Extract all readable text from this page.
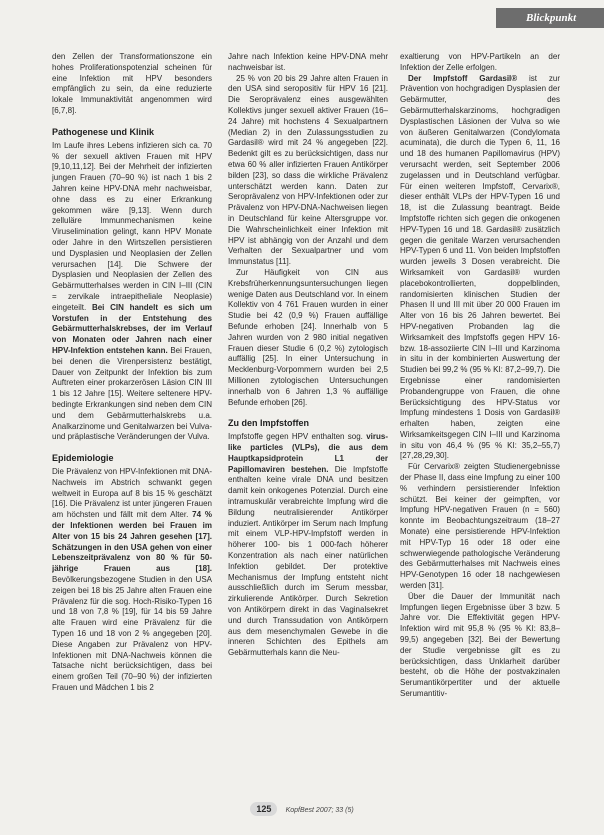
Blickpunkt

den Zellen der Transformationszone ein hohes Proliferationspotenzial scheinen für eine Infektion mit HPV besonders empfänglich zu sein, da eine reduzierte lokale Immunaktivität angenommen wird [6,7,8].

Pathogenese und Klinik

Im Laufe ihres Lebens infizieren sich ca. 70 % der sexuell aktiven Frauen mit HPV [9,10,11,12]. Bei der Mehrheit der infizierten jungen Frauen (70–90 %) ist nach 1 bis 2 Jahren keine HPV-DNA mehr nachweisbar, ohne dass es zu einer Erkrankung gekommen wäre [9,13]. Wenn durch zelluläre Immunmechanismen keine Viruselimination gelingt, kann HPV Monate oder Jahre in den Wirtszellen persistieren und Dysplasien und Neoplasien der Zellen verursachen [14]. Die Schwere der Dysplasien und Neoplasien der Zellen des Gebärmutterhalses werden in CIN I–III (CIN = zervikale intraepitheliale Neoplasie) eingeteilt. Bei CIN handelt es sich um Vorstufen in der Entstehung des Gebärmutterhalskrebses, der im Verlauf von Monaten oder Jahren nach einer HPV-Infektion entstehen kann. Bei Frauen, bei denen die Virenpersistenz bestätigt, Dauer von Zeitpunkt der Infektion bis zum Auftreten einer prokarzerösen Läsion CIN III 1 bis 12 Jahre [15]. Weitere seltenere HPV-bedingte Erkrankungen sind neben dem CIN und dem Gebärmutterhalskrebs u.a. Analkarzinome und Genitalwarzen bei Vulva- und präplastische Veränderungen der Vulva.

Epidemiologie

Die Prävalenz von HPV-Infektionen mit DNA-Nachweis im Abstrich schwankt gegen weltweit in Europa auf 8 bis 15 % geschätzt [16]. Die Prävalenz ist unter jüngeren Frauen am höchsten und fällt mit dem Alter. 74 % der Infektionen werden bei Frauen im Alter von 15 bis 24 Jahren gesehen [17]. Schätzungen in den USA gehen von einer Lebenszeitprävalenz von 80 % für 50-jährige Frauen aus [18]. Bevölkerungsbezogene Studien in den USA zeigen bei 18 bis 25 Jahre alten Frauen eine Prävalenz für die sog. Hoch-Risiko-Typen 16 und 18 von 7,8 % [19], für 14 bis 59 Jahre alte Frauen wird eine Prävalenz für die Typen 16 und 18 von 2 % angegeben [20]. Diese Angaben zur Prävalenz von HPV-Infektionen mit DNA-Nachweis können die Tatsache nicht berücksichtigen, dass bei einem großen Teil (70–90 %) der infizierten Frauen und Mädchen 1 bis 2

Jahre nach Infektion keine HPV-DNA mehr nachweisbar ist.

25 % von 20 bis 29 Jahre alten Frauen in den USA sind seropositiv für HPV 16 [21]. Die Seroprävalenz eines ausgewählten Kollektivs junger sexuell aktiver Frauen (16–24 Jahre) mit hochstens 4 Sexualpartnern (Median 2) in den Zulassungsstudien zu Gardasil® wird mit 24 % angegeben [22]. Bedenkt gilt es zu berücksichtigen, dass nur etwa 60 % aller infizierten Frauen Antikörper bilden [23], so dass die wirkliche Prävalenz unterschätzt werden kann. Daten zur Seroprävalenz von HPV-Infektionen oder zur Prävalenz von HPV-DNA-Nachweisen liegen in Deutschland für keine Altersgruppe vor. Die Wahrscheinlichkeit einer Infektion mit HPV ist abhängig von der Anzahl und dem Verhalten der Sexualpartner und vom Immunstatus [11].

Zur Häufigkeit von CIN aus Krebsfrüherkennungsuntersuchungen liegen wenige Daten aus Deutschland vor. In einem Kollektiv von 4 761 Frauen wurden in einer Studie bei 42 (0,9 %) Frauen auffällige Befunde erhoben [24]. Innerhalb von 5 Jahren wurden von 2 980 initial negativen Frauen dieser Studie 6 (0,2 %) zytologisch auffällig [25]. In einer Untersuchung in Mecklenburg-Vorpommern wurden bei 2,5 Millionen zytologischen Untersuchungen innerhalb von 6 Jahren 1,3 % auffällige Befunde erhoben [26].

Zu den Impfstoffen

Impfstoffe gegen HPV enthalten sog. virus-like particles (VLPs), die aus dem Hauptkapsidprotein L1 der Papillomaviren bestehen. Die Impfstoffe enthalten keine virale DNA und besitzen damit kein onkogenes Potenzial. Durch eine intramuskulär verabreichte Impfung wird die Bildung neutralisierender Antikörper induziert. Antikörper im Serum nach Impfung mit einem VLP-HPV-Impfstoff werden in höherer 100- bis 1 000-fach höherer Konzentration als nach einer natürlichen Infektion gebildet. Der protektive Mechanismus der Impfung entsteht nicht ausschließlich durch im Serum messbar, zirkulierende Antikörper. Durch Sekretion von Antikörpern direkt in das Vaginalsekret und durch Transsudation von Antikörpern aus dem mesenchymalen Gewebe in die inneren Schichten des Epithels am Gebärmutterhals kann die Neu-

exaltierung von HPV-Partikeln an der Infektion der Zelle erfolgen.

Der Impfstoff Gardasil® ist zur Prävention von hochgradigen Dysplasien der Gebärmutter, des Gebärmutterhalskarzinoms, hochgradigen Dysplastischen Läsionen der Vulva so wie von äußeren Genitalwarzen (Condylomata acuminata), die durch die Typen 6, 11, 16 und 18 des humanen Papillomavirus (HPV) verursacht werden, seit September 2006 zugelassen und in Deutschland verfügbar. Für einen weiteren Impfstoff, Cervarix®, dieser enthält VLPs der HPV-Typen 16 und 18, ist die Zulassung beantragt. Beide Impfstoffe richten sich gegen die onkogenen HPV-Typen 16 und 18. Gardasil® zusätzlich gegen die genitale Warzen verursachenden HPV-Typen 6 und 11. Von beiden Impfstoffen wurden jeweils 3 Dosen verabreicht. Die Wirksamkeit von Gardasil® wurden placebokontrollierten, doppelblinden, randomisierten klinischen Studien der Phasen II und III mit über 20 000 Frauen im Alter von 16 bis 26 Jahren bewertet. Bei HPV-negativen Probanden lag die Wirksamkeit des Impfstoffs gegen HPV 16- bzw. 18-assoziierte CIN I–III und Karzinoma in situ in der kombinierten Auswertung der Studien bei 99,2 % (95 % KI: 87,2–99,7). Die Ergebnisse einer randomisierten Probandengruppe von Frauen, die ohne Berücksichtigung des HPV-Status vor Impfung mindestens 1 Dosis von Gardasil® erhalten haben, zeigten eine Wirksamkeitsgegen CIN I–III und Karzinoma in situ von 46,4 % (95 % KI: 35,2–55,7) [27,28,29,30].

Für Cervarix® zeigten Studienergebnisse der Phase II, dass eine Impfung zu einer 100 % verhindern persistierender Infektion schützt. Bei keiner der geimpften, vor Impfung HPV-negativen Frauen (n = 560) konnte im Beobachtungszeitraum (18–27 Monate) eine persistierende HPV-Infektion mit HPV-Typ 16 oder 18 oder eine schwerwiegende pathologische Veränderung des Gebärmutterhalses mit Nachweis eines HPV-Genotypen 16 oder 18 nachgewiesen werden [31].

Über die Dauer der Immunität nach Impfungen liegen Ergebnisse über 3 bzw. 5 Jahre vor. Die Effektivität gegen HPV-Infektion wird mit 95,8 % (95 % KI: 83,8–99,5) angegeben [32]. Bei der Bewertung der Studie vergebnisse gilt es zu berücksichtigen, dass Unklarheit darüber besteht, ob die Höhe der postvakzinalen Serumantikörpertiter und der aktuelle Serumantitiv-

125 KopfBest 2007; 33 (5)
